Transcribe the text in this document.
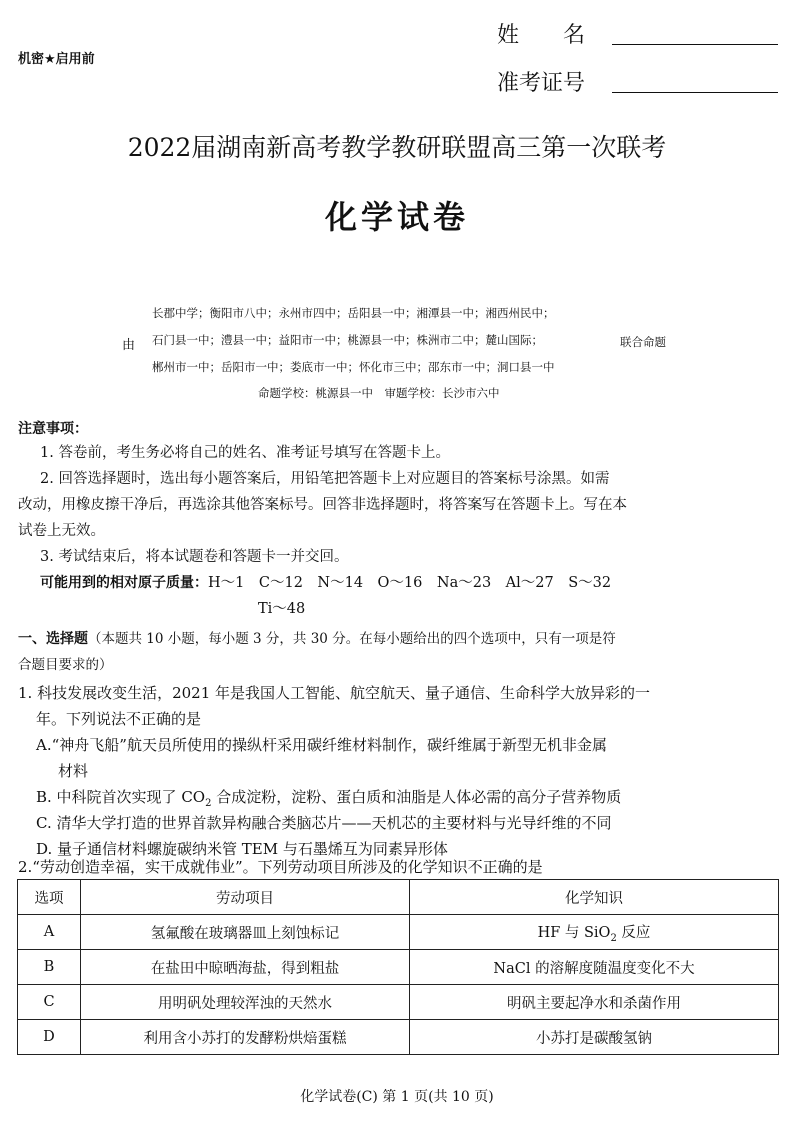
机密★启用前
姓　　名
准考证号
2022届湖南新高考教学教研联盟高三第一次联考
化学试卷
长郡中学；衡阳市八中；永州市四中；岳阳县一中；湘潭县一中；湘西州民中；
由 石门县一中；澧县一中；益阳市一中；桃源县一中；株洲市二中；麓山国际；	联合命题
郴州市一中；岳阳市一中；娄底市一中；怀化市三中；邵东市一中；洞口县一中
命题学校：桃源县一中　审题学校：长沙市六中
注意事项：
1. 答卷前，考生务必将自己的姓名、准考证号填写在答题卡上。
2. 回答选择题时，选出每小题答案后，用铅笔把答题卡上对应题目的答案标号涂黑。如需
改动，用橡皮擦干净后，再选涂其他答案标号。回答非选择题时，将答案写在答题卡上。写在本
试卷上无效。
3. 考试结束后，将本试题卷和答题卡一并交回。
可能用到的相对原子质量：H～1　C～12　N～14　O～16　Na～23　Al～27　S～32
Ti～48
一、选择题（本题共 10 小题，每小题 3 分，共 30 分。在每小题给出的四个选项中，只有一项是符
合题目要求的）
1. 科技发展改变生活，2021 年是我国人工智能、航空航天、量子通信、生命科学大放异彩的一
年。下列说法不正确的是
A.“神舟飞船”航天员所使用的操纵杆采用碳纤维材料制作，碳纤维属于新型无机非金属
材料
B. 中科院首次实现了 $CO_2$ 合成淀粉，淀粉、蛋白质和油脂是人体必需的高分子营养物质
C. 清华大学打造的世界首款异构融合类脑芯片——天机芯的主要材料与光导纤维的不同
D. 量子通信材料螺旋碳纳米管 TEM 与石墨烯互为同素异形体
2.“劳动创造幸福，实干成就伟业”。下列劳动项目所涉及的化学知识不正确的是
选项	劳动项目	化学知识
A	氢氟酸在玻璃器皿上刻蚀标记	HF 与 SiO$_2$ 反应
B	在盐田中晾晒海盐，得到粗盐	NaCl 的溶解度随温度变化不大
C	用明矾处理较浑浊的天然水	明矾主要起净水和杀菌作用
D	利用含小苏打的发酵粉烘焙蛋糕	小苏打是碳酸氢钠
化学试卷(C) 第 1 页(共 10 页)
